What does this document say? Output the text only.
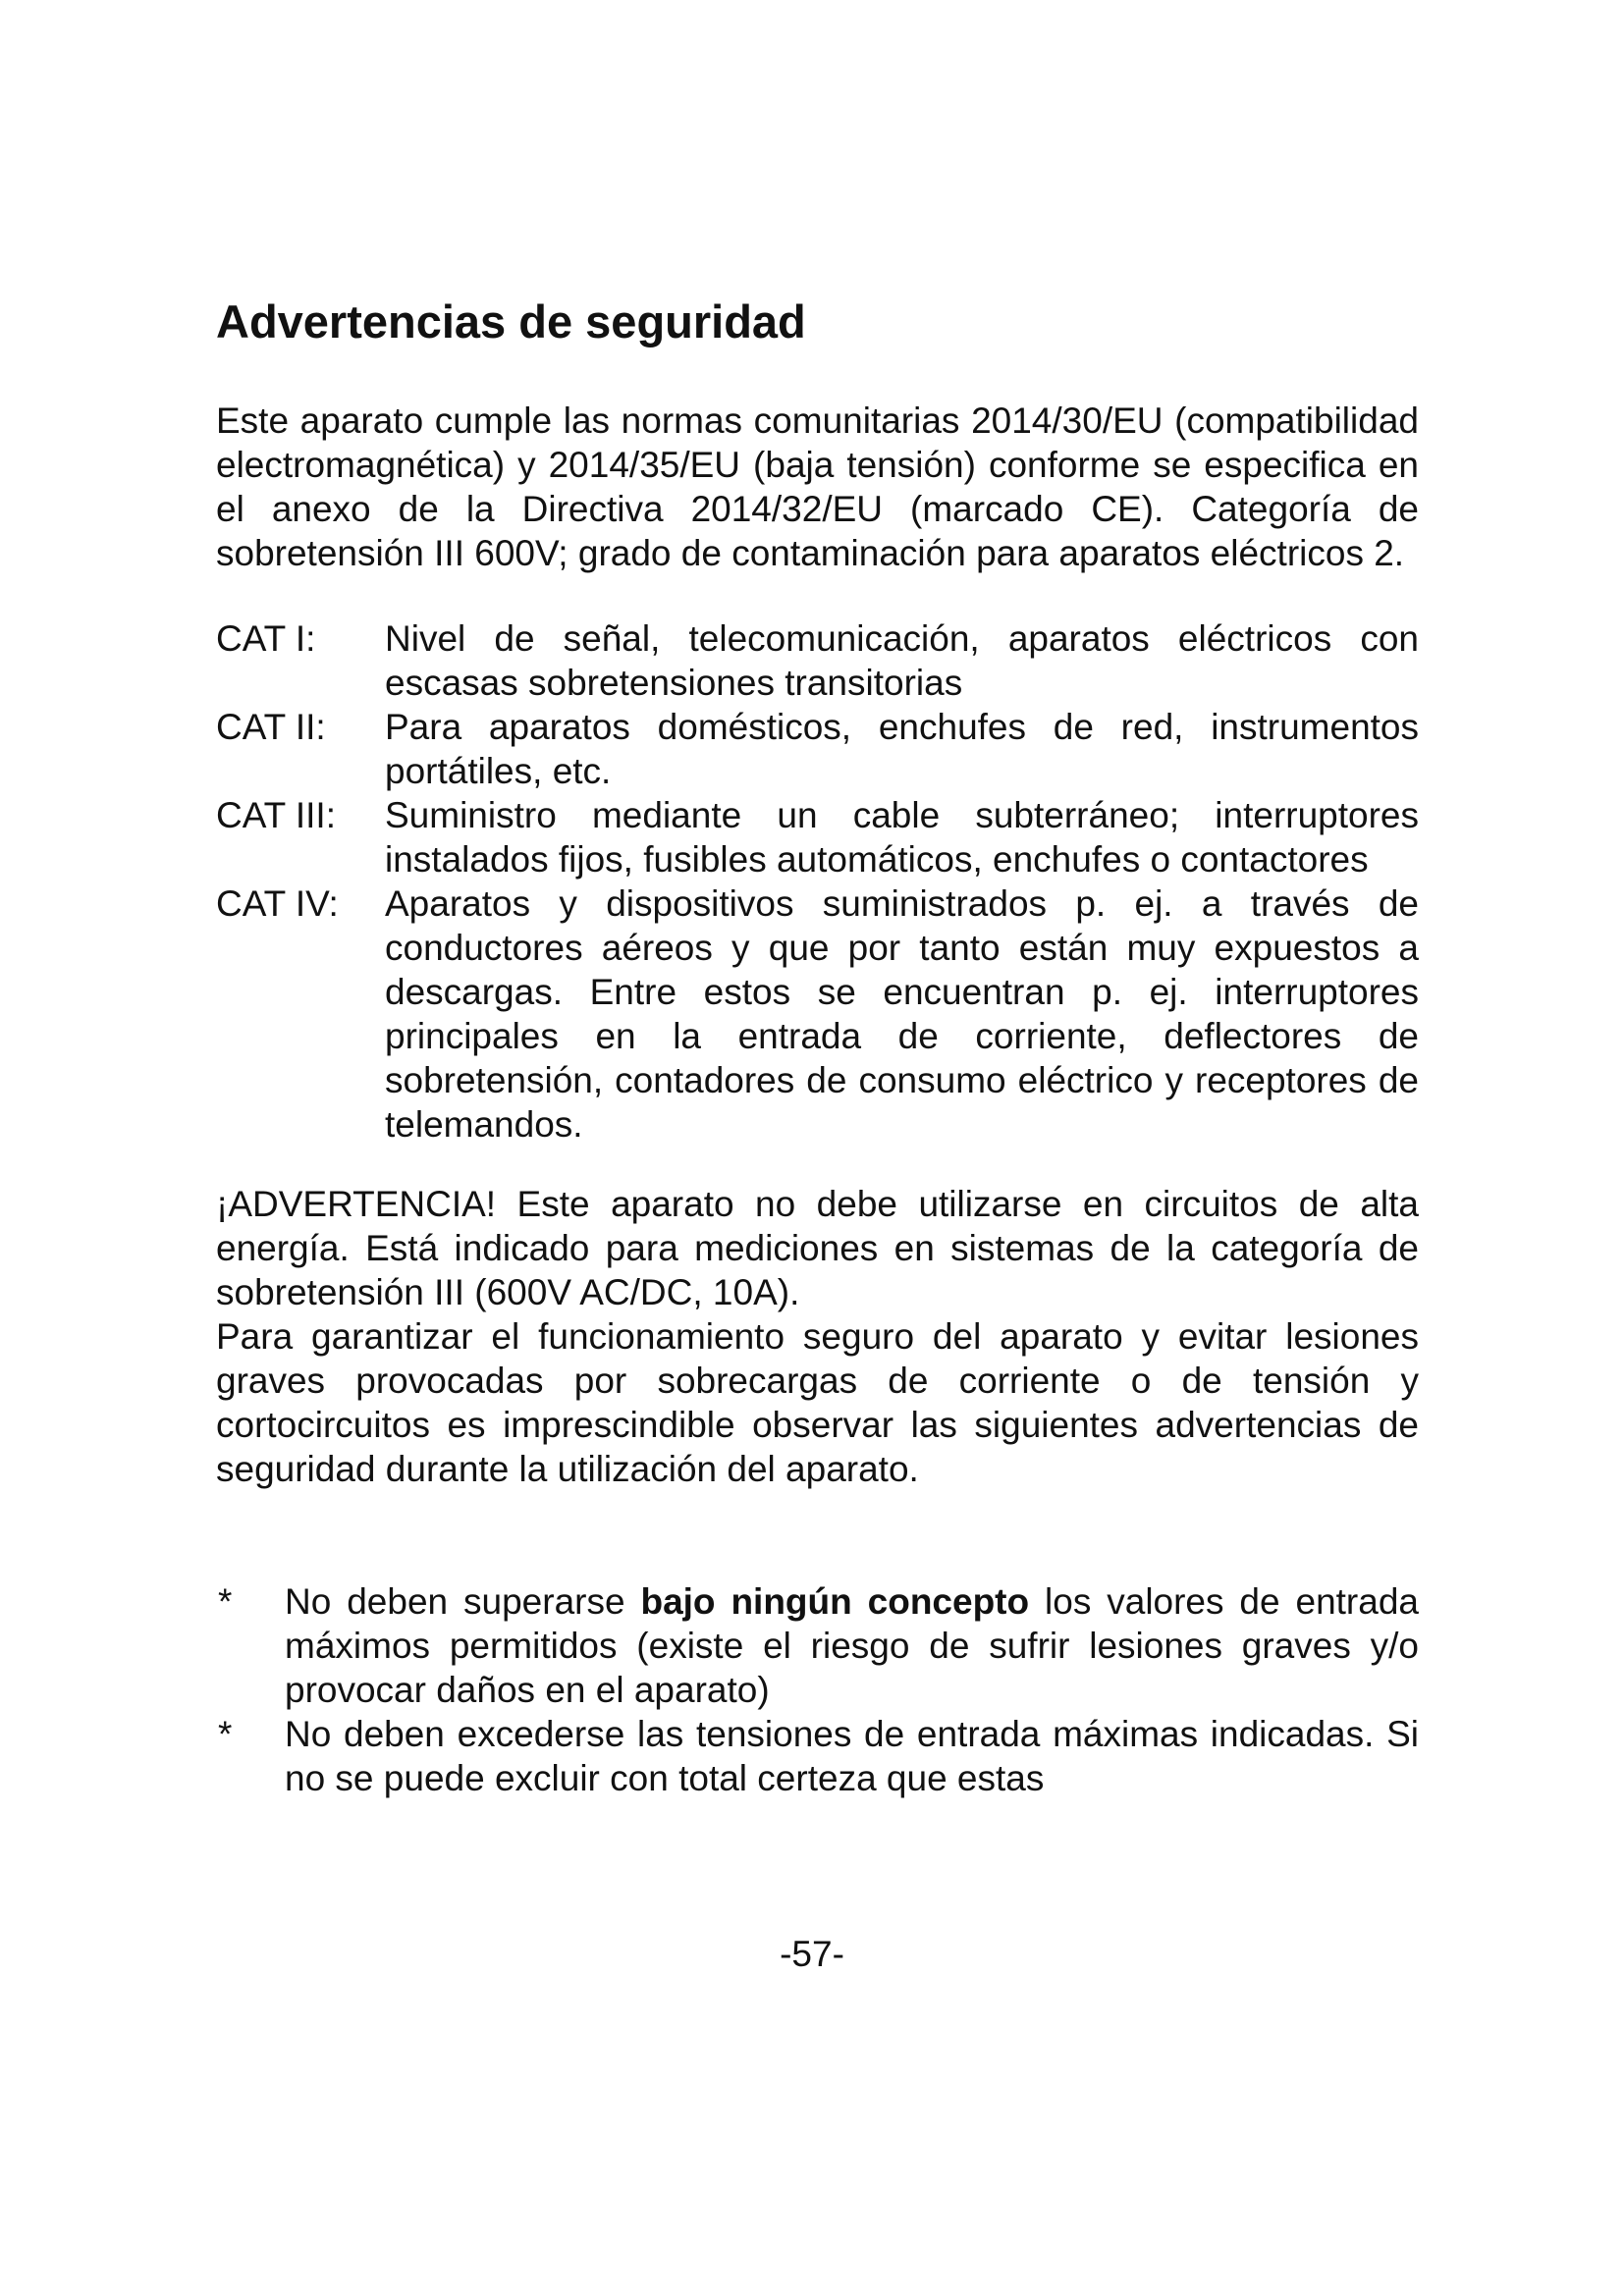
Advertencias de seguridad

Este aparato cumple las normas comunitarias 2014/30/EU (compatibilidad electromagnética) y 2014/35/EU (baja tensión) conforme se especifica en el anexo de la Directiva 2014/32/EU (marcado CE). Categoría de sobretensión III 600V; grado de contaminación para aparatos eléctricos 2.

CAT I:	Nivel de señal, telecomunicación, aparatos eléctricos con escasas sobretensiones transitorias
CAT II:	Para aparatos domésticos, enchufes de red, instrumentos portátiles, etc.
CAT III:	Suministro mediante un cable subterráneo; interruptores instalados fijos, fusibles automáticos, enchufes o contactores
CAT IV:	Aparatos y dispositivos suministrados p. ej. a través de conductores aéreos y que por tanto están muy expuestos a descargas. Entre estos se encuentran p. ej. interruptores principales en la entrada de corriente, deflectores de sobretensión, contadores de consumo eléctrico y receptores de telemandos.

¡ADVERTENCIA! Este aparato no debe utilizarse en circuitos de alta energía. Está indicado para mediciones en sistemas de la categoría de sobretensión III (600V AC/DC, 10A).

Para garantizar el funcionamiento seguro del aparato y evitar lesiones graves provocadas por sobrecargas de corriente o de tensión y cortocircuitos es imprescindible observar las siguientes advertencias de seguridad durante la utilización del aparato.

*	No deben superarse bajo ningún concepto los valores de entrada máximos permitidos (existe el riesgo de sufrir lesiones graves y/o provocar daños en el aparato)
*	No deben excederse las tensiones de entrada máximas indicadas. Si no se puede excluir con total certeza que estas
-57-
